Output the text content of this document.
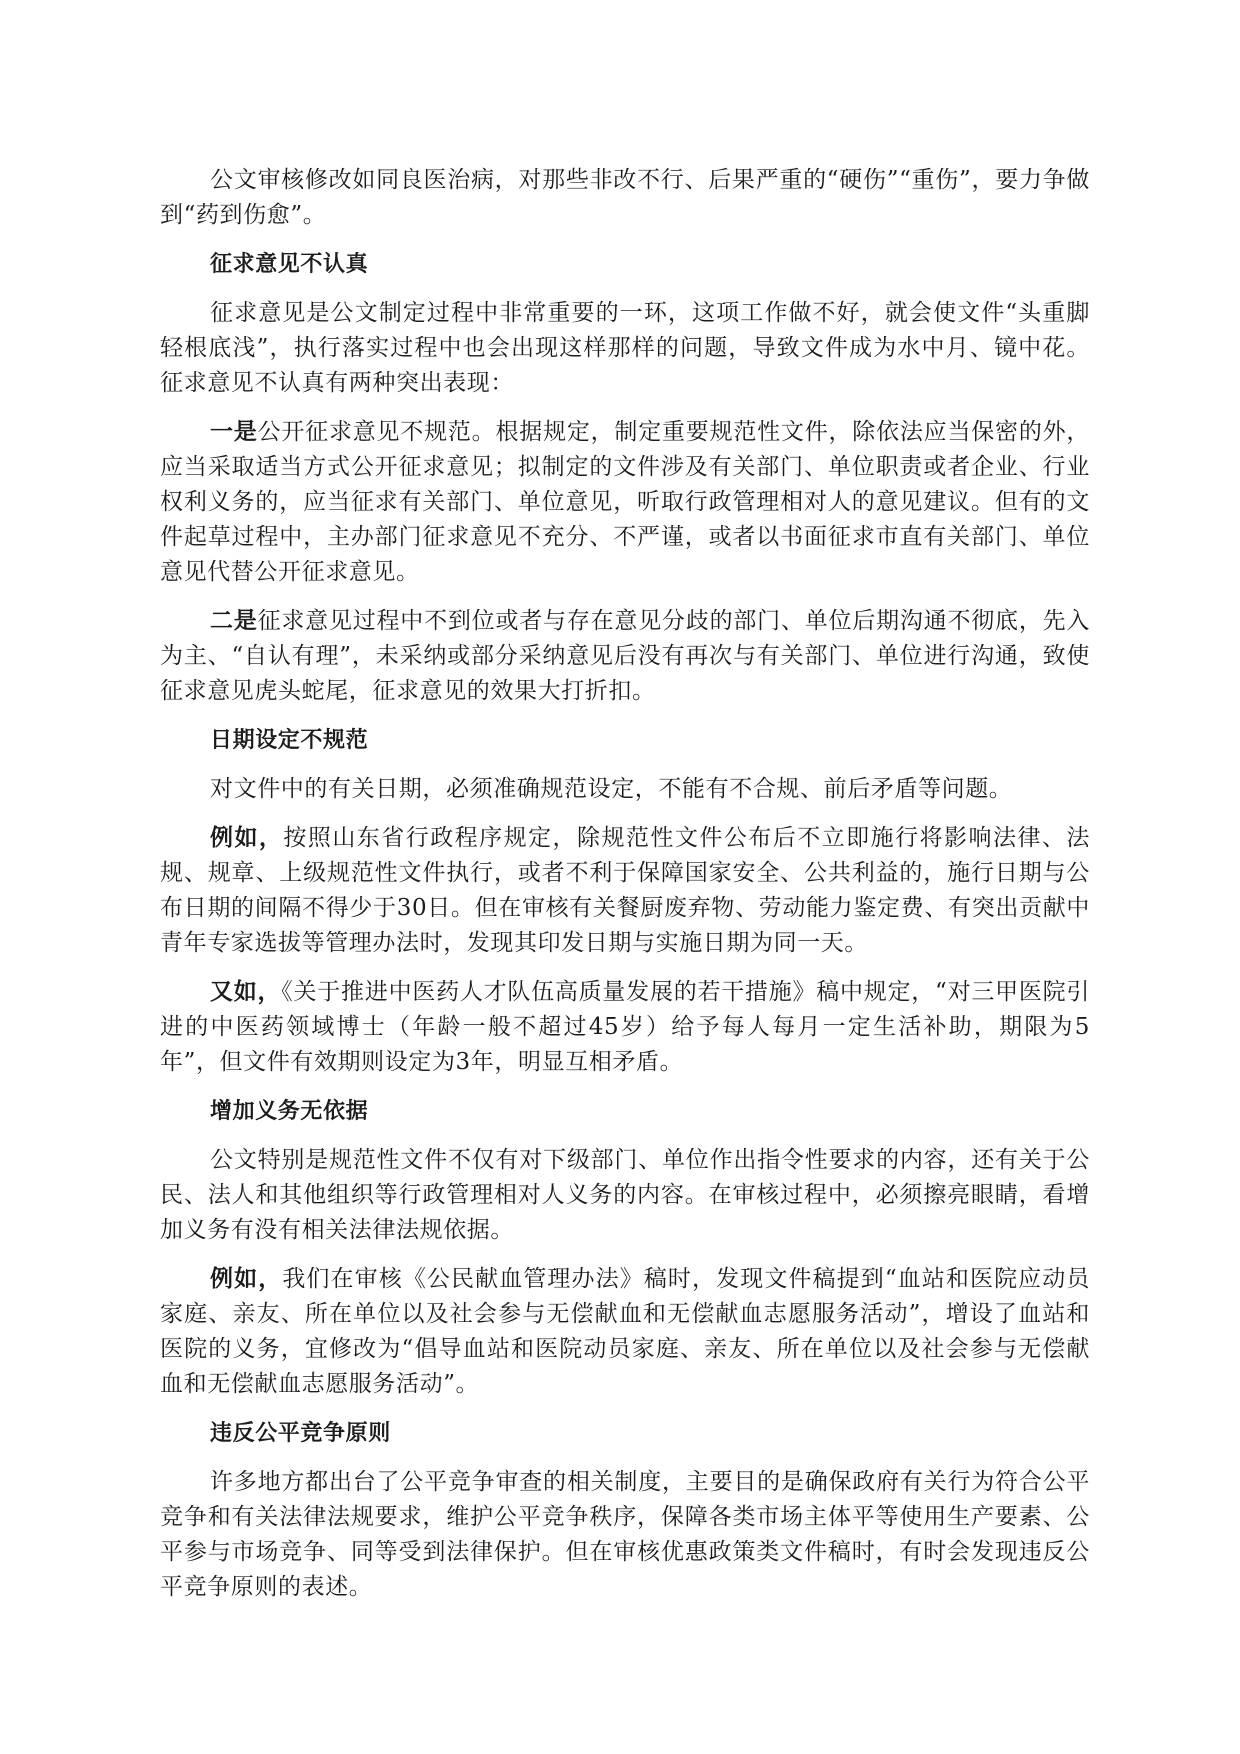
公文审核修改如同良医治病，对那些非改不行、后果严重的“硬伤”“重伤”，要力争做到“药到伤愈”。

征求意见不认真

征求意见是公文制定过程中非常重要的一环，这项工作做不好，就会使文件“头重脚轻根底浅”，执行落实过程中也会出现这样那样的问题，导致文件成为水中月、镜中花。征求意见不认真有两种突出表现：

一是公开征求意见不规范。根据规定，制定重要规范性文件，除依法应当保密的外，应当采取适当方式公开征求意见；拟制定的文件涉及有关部门、单位职责或者企业、行业权利义务的，应当征求有关部门、单位意见，听取行政管理相对人的意见建议。但有的文件起草过程中，主办部门征求意见不充分、不严谨，或者以书面征求市直有关部门、单位意见代替公开征求意见。

二是征求意见过程中不到位或者与存在意见分歧的部门、单位后期沟通不彻底，先入为主、“自认有理”，未采纳或部分采纳意见后没有再次与有关部门、单位进行沟通，致使征求意见虎头蛇尾，征求意见的效果大打折扣。

日期设定不规范

对文件中的有关日期，必须准确规范设定，不能有不合规、前后矛盾等问题。

例如，按照山东省行政程序规定，除规范性文件公布后不立即施行将影响法律、法规、规章、上级规范性文件执行，或者不利于保障国家安全、公共利益的，施行日期与公布日期的间隔不得少于30日。但在审核有关餐厨废弃物、劳动能力鉴定费、有突出贡献中青年专家选拔等管理办法时，发现其印发日期与实施日期为同一天。

又如，《关于推进中医药人才队伍高质量发展的若干措施》稿中规定，“对三甲医院引进的中医药领域博士（年龄一般不超过45岁）给予每人每月一定生活补助，期限为5年”，但文件有效期则设定为3年，明显互相矛盾。

增加义务无依据

公文特别是规范性文件不仅有对下级部门、单位作出指令性要求的内容，还有关于公民、法人和其他组织等行政管理相对人义务的内容。在审核过程中，必须擦亮眼睛，看增加义务有没有相关法律法规依据。

例如，我们在审核《公民献血管理办法》稿时，发现文件稿提到“血站和医院应动员家庭、亲友、所在单位以及社会参与无偿献血和无偿献血志愿服务活动”，增设了血站和医院的义务，宜修改为“倡导血站和医院动员家庭、亲友、所在单位以及社会参与无偿献血和无偿献血志愿服务活动”。

违反公平竞争原则

许多地方都出台了公平竞争审查的相关制度，主要目的是确保政府有关行为符合公平竞争和有关法律法规要求，维护公平竞争秩序，保障各类市场主体平等使用生产要素、公平参与市场竞争、同等受到法律保护。但在审核优惠政策类文件稿时，有时会发现违反公平竞争原则的表述。
